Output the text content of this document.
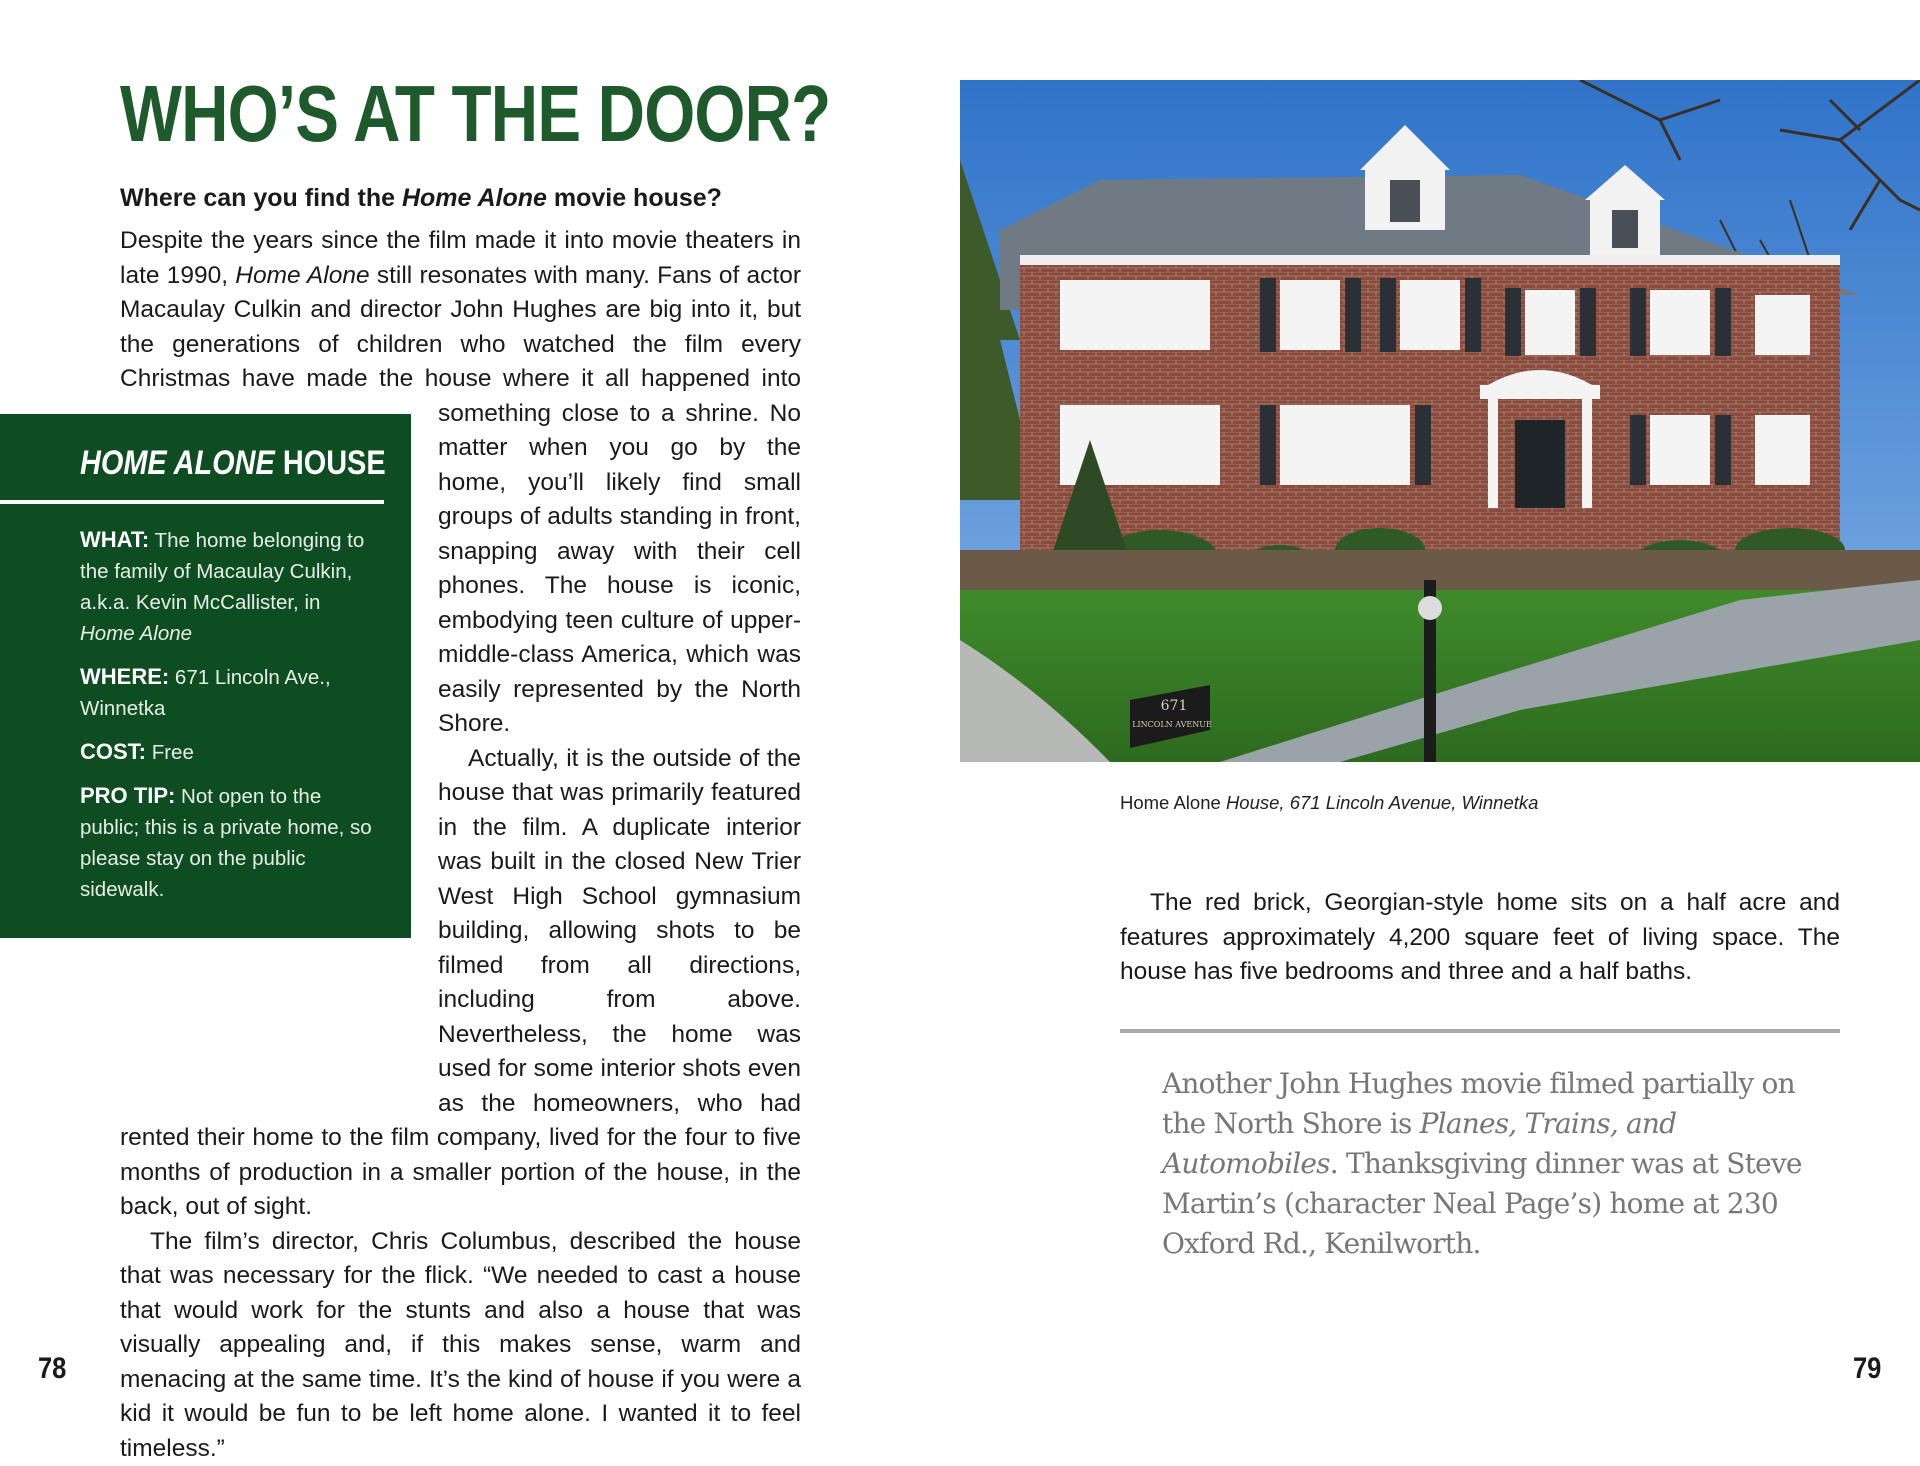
WHO’S AT THE DOOR?

Where can you find the Home Alone movie house?

Despite the years since the film made it into movie theaters in late 1990, Home Alone still resonates with many. Fans of actor Macaulay Culkin and director John Hughes are big into it, but the generations of children who watched the film every Christmas have made the house where it all happened into something close to a shrine. No matter when you go by the home, you’ll likely find small groups of adults standing in front, snapping away with their cell phones. The house is iconic, embodying teen culture of upper-middle-class America, which was easily represented by the North Shore.

Actually, it is the outside of the house that was primarily featured in the film. A duplicate interior was built in the closed New Trier West High School gymnasium building, allowing shots to be filmed from all directions, including from above. Nevertheless, the home was used for some interior shots even as the homeowners, who had rented their home to the film company, lived for the four to five months of production in a smaller portion of the house, in the back, out of sight.

The film’s director, Chris Columbus, described the house that was necessary for the flick. “We needed to cast a house that would work for the stunts and also a house that was visually appealing and, if this makes sense, warm and menacing at the same time. It’s the kind of house if you were a kid it would be fun to be left home alone. I wanted it to feel timeless.”

HOME ALONE HOUSE

WHAT: The home belonging to the family of Macaulay Culkin, a.k.a. Kevin McCallister, in Home Alone

WHERE: 671 Lincoln Ave., Winnetka

COST: Free

PRO TIP: Not open to the public; this is a private home, so please stay on the public sidewalk.

671
LINCOLN AVENUE

Home Alone House, 671 Lincoln Avenue, Winnetka

The red brick, Georgian-style home sits on a half acre and features approximately 4,200 square feet of living space. The house has five bedrooms and three and a half baths.

Another John Hughes movie filmed partially on the North Shore is Planes, Trains, and Automobiles. Thanksgiving dinner was at Steve Martin’s (character Neal Page’s) home at 230 Oxford Rd., Kenilworth.

78	79
